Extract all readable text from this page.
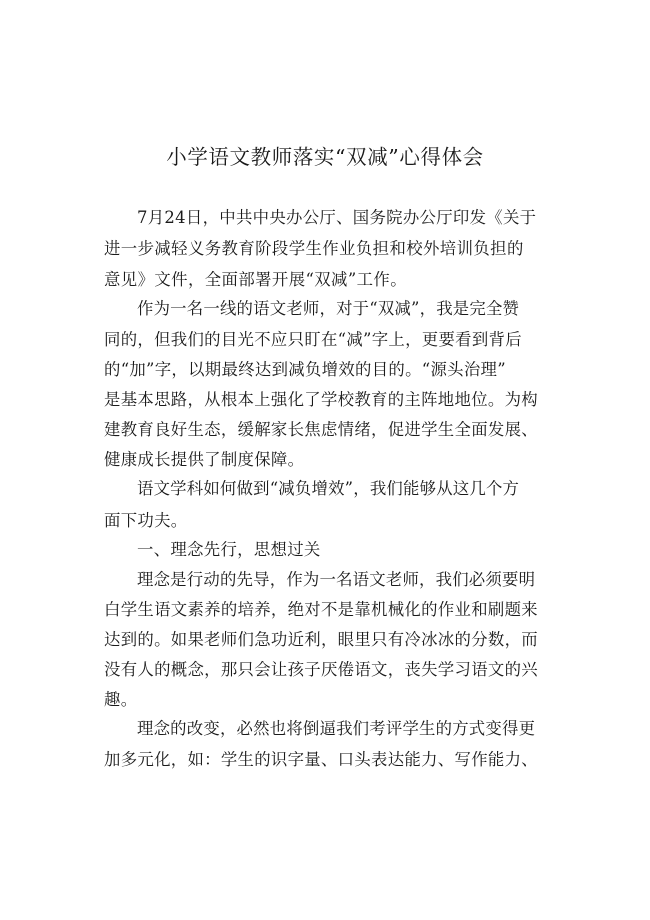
小学语文教师落实“双减”心得体会
7月24日，中共中央办公厅、国务院办公厅印发《关于
进一步减轻义务教育阶段学生作业负担和校外培训负担的
意见》文件，全面部署开展“双减”工作。
作为一名一线的语文老师，对于“双减”，我是完全赞
同的，但我们的目光不应只盯在“减”字上，更要看到背后
的“加”字，以期最终达到减负增效的目的。“源头治理”
是基本思路，从根本上强化了学校教育的主阵地地位。为构
建教育良好生态，缓解家长焦虑情绪，促进学生全面发展、
健康成长提供了制度保障。
语文学科如何做到“减负增效”，我们能够从这几个方
面下功夫。
一、理念先行，思想过关
理念是行动的先导，作为一名语文老师，我们必须要明
白学生语文素养的培养，绝对不是靠机械化的作业和刷题来
达到的。如果老师们急功近利，眼里只有冷冰冰的分数，而
没有人的概念，那只会让孩子厌倦语文，丧失学习语文的兴
趣。
理念的改变，必然也将倒逼我们考评学生的方式变得更
加多元化，如：学生的识字量、口头表达能力、写作能力、
